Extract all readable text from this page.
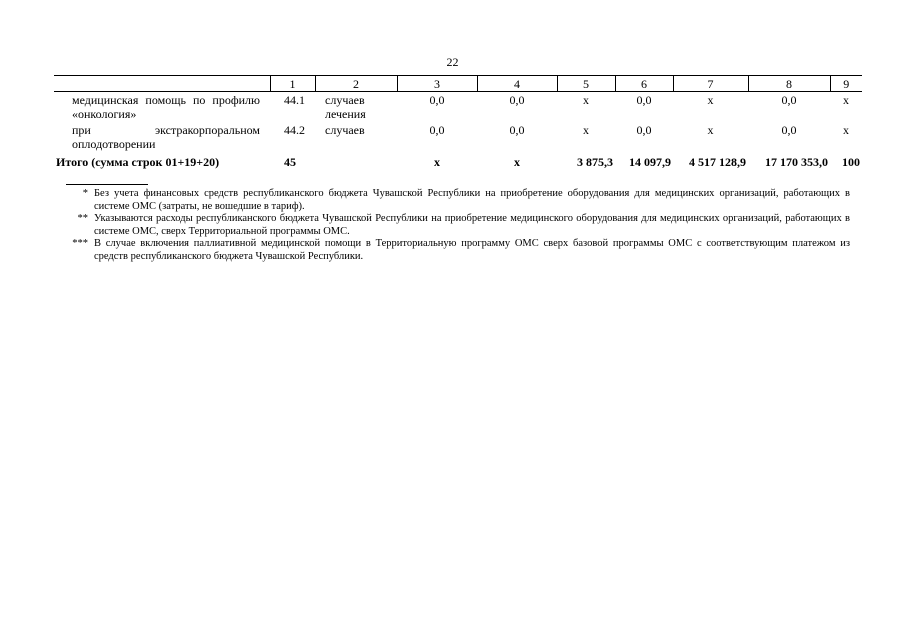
22
	1	2	3	4	5	6	7	8	9
медицинская помощь по профилю «онкология»	44.1	случаев лечения	0,0	0,0	х	0,0	х	0,0	х
при экстракорпоральном оплодотворении	44.2	случаев	0,0	0,0	х	0,0	х	0,0	х
Итого (сумма строк 01+19+20)	45		х	х	3 875,3	14 097,9	4 517 128,9	17 170 353,0	100

* Без учета финансовых средств республиканского бюджета Чувашской Республики на приобретение оборудования для медицинских организаций, работающих в системе ОМС (затраты, не вошедшие в тариф).

** Указываются расходы республиканского бюджета Чувашской Республики на приобретение медицинского оборудования для медицинских организаций, работающих в системе ОМС, сверх Территориальной программы ОМС.

*** В случае включения паллиативной медицинской помощи в Территориальную программу ОМС сверх базовой программы ОМС с соответствующим платежом из средств республиканского бюджета Чувашской Республики.
